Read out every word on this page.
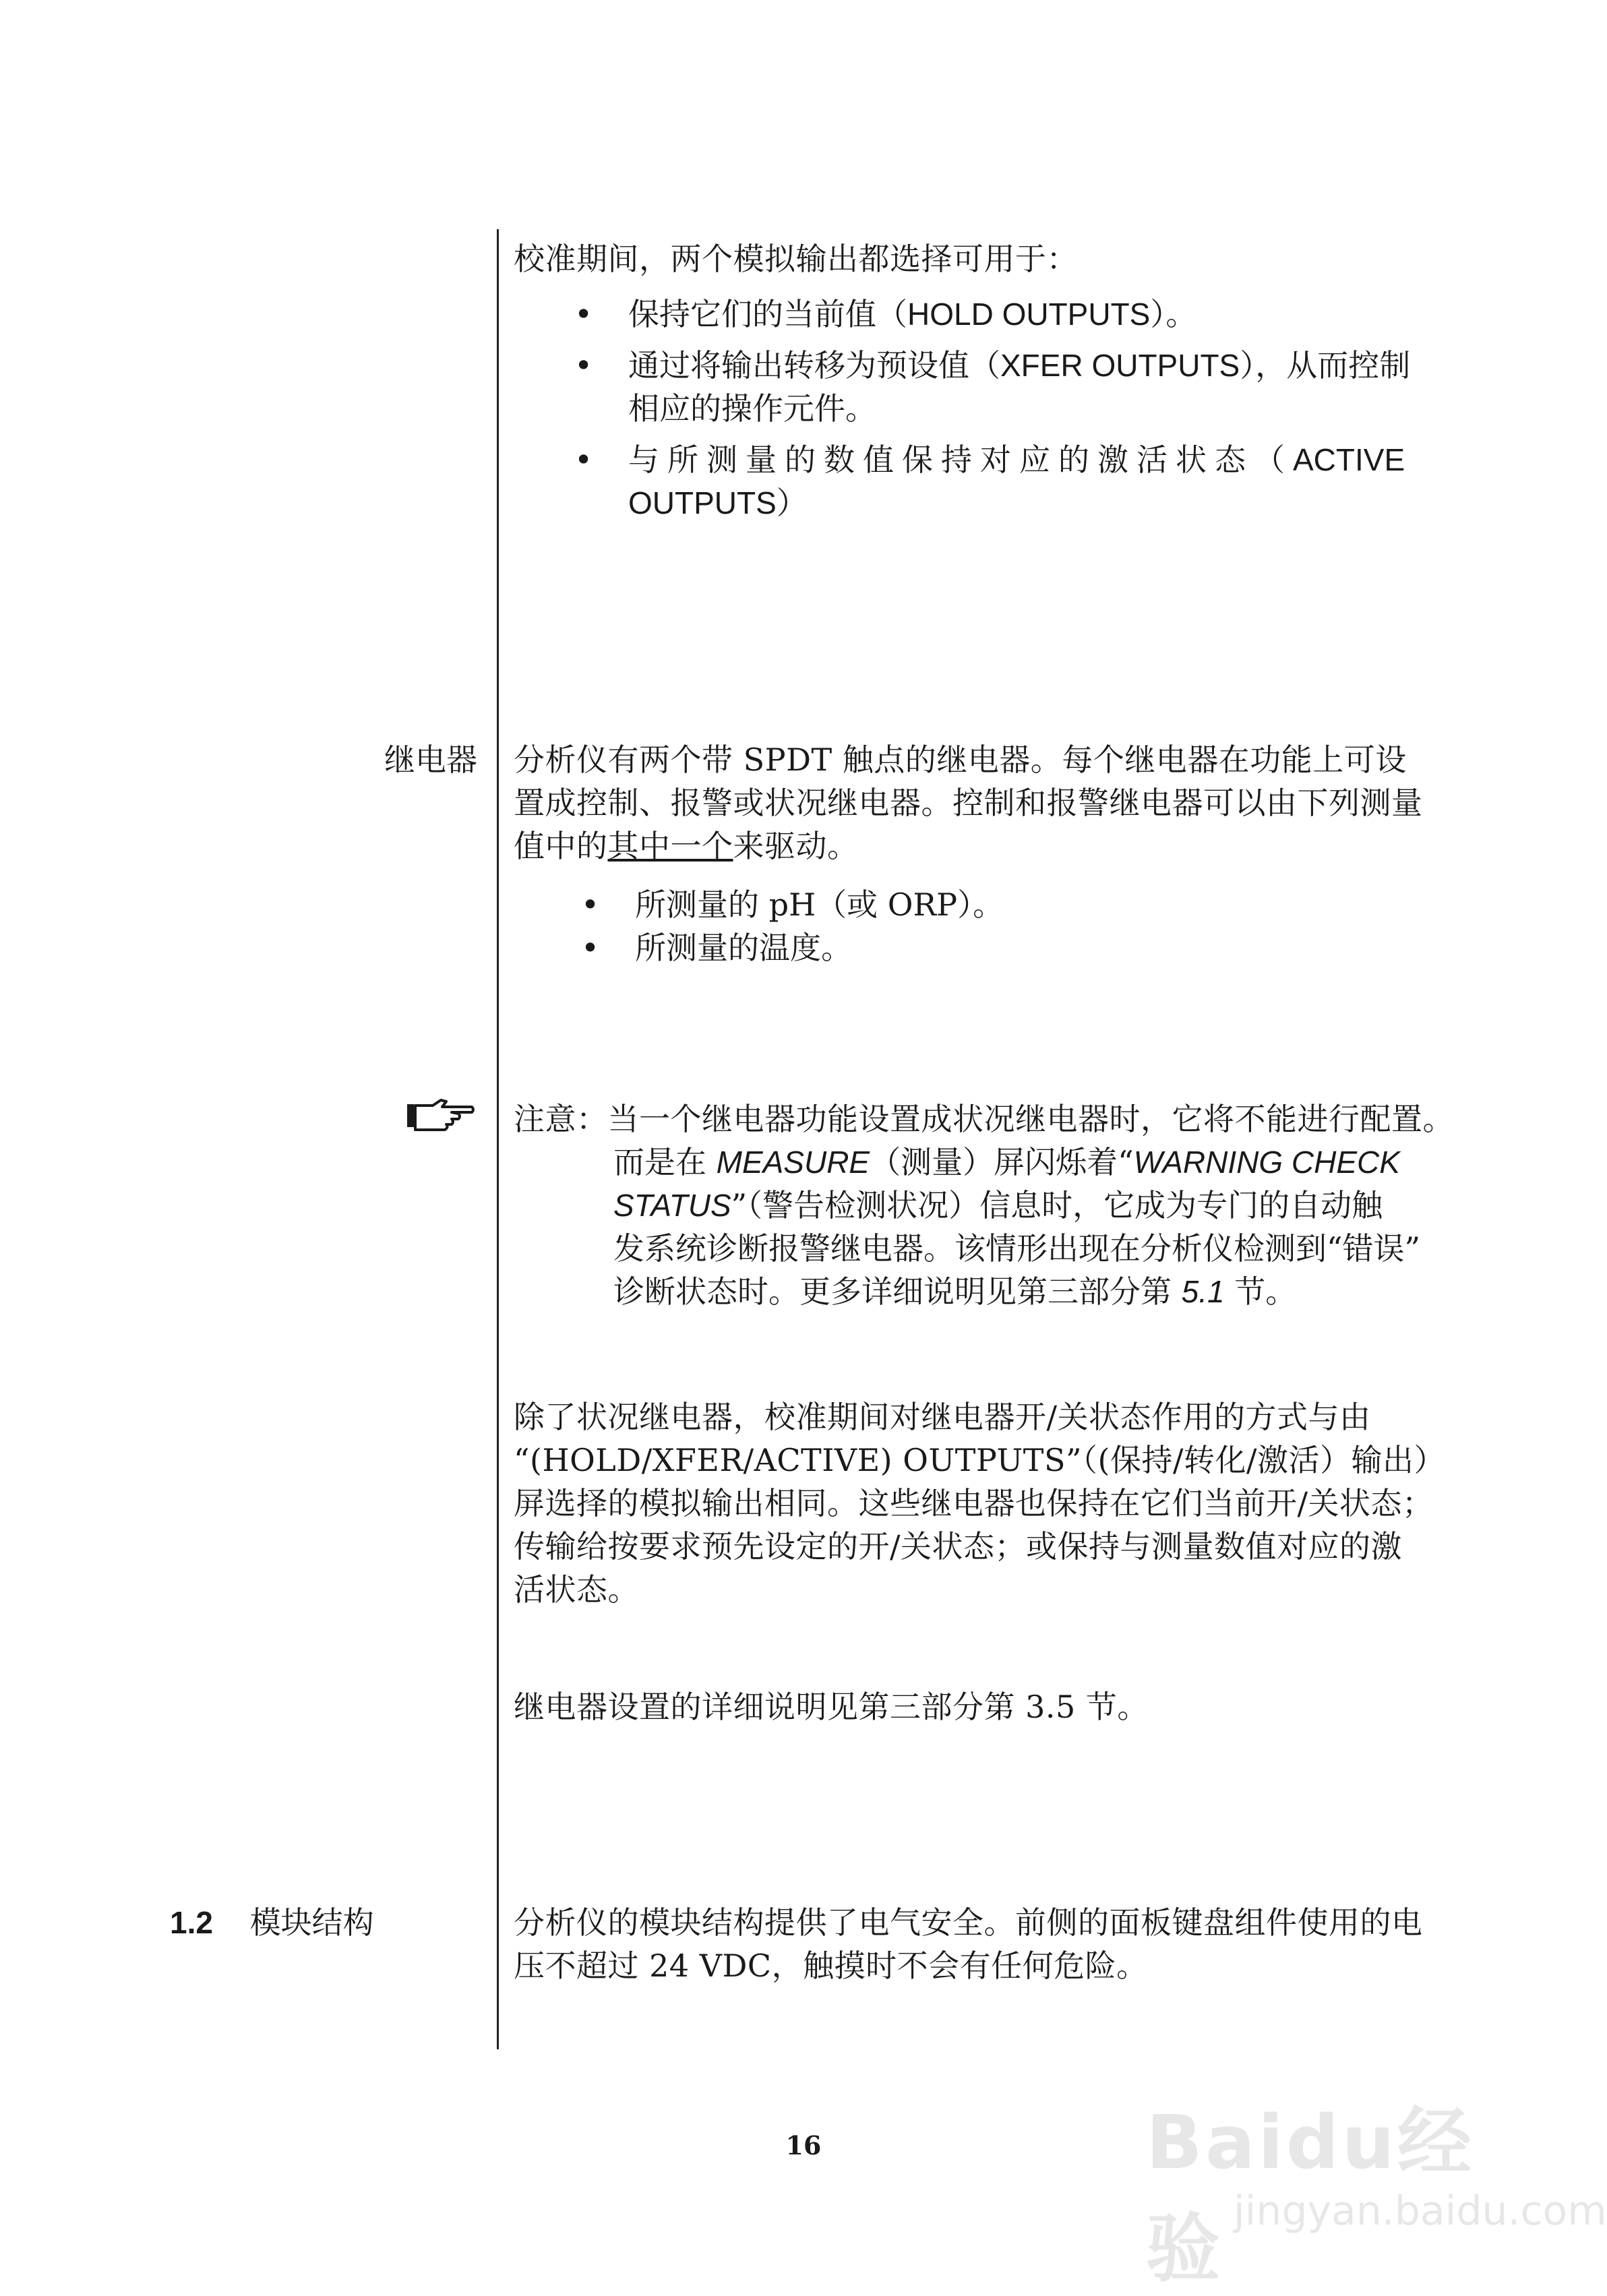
校准期间，两个模拟输出都选择可用于：

• 保持它们的当前值（HOLD OUTPUTS）。
• 通过将输出转移为预设值（XFER OUTPUTS），从而控制
相应的操作元件。
• 与所测量的数值保持对应的激活状态（ACTIVE
OUTPUTS）
继电器 分析仪有两个带 SPDT 触点的继电器。每个继电器在功能上可设
置成控制、报警或状况继电器。控制和报警继电器可以由下列测量
值中的其中一个来驱动。
• 所测量的 pH（或 ORP）。
• 所测量的温度。
注意：当一个继电器功能设置成状况继电器时，它将不能进行配置。
而是在 MEASURE（测量）屏闪烁着“WARNING CHECK
STATUS”（警告检测状况）信息时，它成为专门的自动触
发系统诊断报警继电器。该情形出现在分析仪检测到“错误”
诊断状态时。更多详细说明见第三部分第 5.1 节。
除了状况继电器，校准期间对继电器开/关状态作用的方式与由
“(HOLD/XFER/ACTIVE) OUTPUTS”（(保持/转化/激活）输出）
屏选择的模拟输出相同。这些继电器也保持在它们当前开/关状态；
传输给按要求预先设定的开/关状态；或保持与测量数值对应的激
活状态。
继电器设置的详细说明见第三部分第 3.5 节。
1.2 模块结构	分析仪的模块结构提供了电气安全。前侧的面板键盘组件使用的电
压不超过 24 VDC，触摸时不会有任何危险。
16	Baidu经验 jingyan.baidu.com
